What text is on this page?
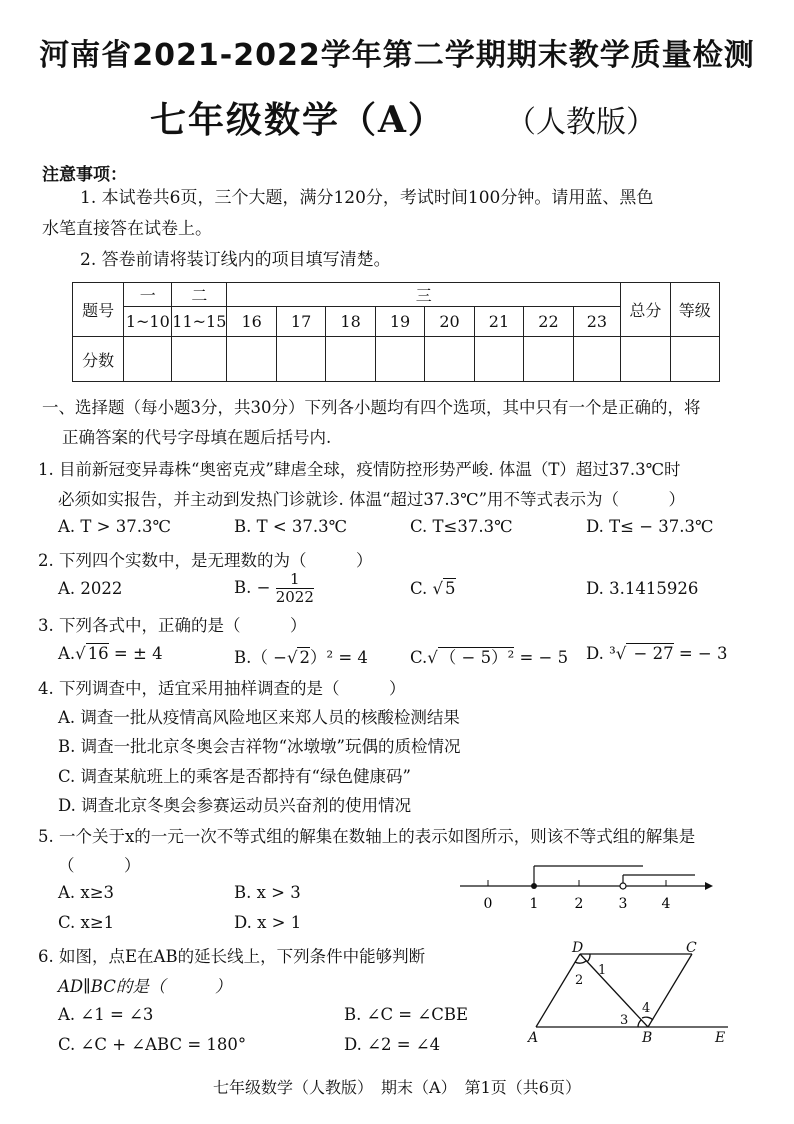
河南省2021-2022学年第二学期期末教学质量检测
七年级数学（A） （人教版）
注意事项：
1. 本试卷共6页，三个大题，满分120分，考试时间100分钟。请用蓝、黑色
水笔直接答在试卷上。
2. 答卷前请将装订线内的项目填写清楚。
题号	一	二	三								总分	等级
	1~10	11~15	16	17	18	19	20	21	22	23		
分数												
一、选择题（每小题3分，共30分）下列各小题均有四个选项，其中只有一个是正确的，将
正确答案的代号字母填在题后括号内.
1. 目前新冠变异毒株“奥密克戎”肆虐全球，疫情防控形势严峻. 体温（T）超过37.3℃时
必须如实报告，并主动到发热门诊就诊. 体温“超过37.3℃”用不等式表示为（　　　）
A. T > 37.3℃	B. T < 37.3℃	C. T≤37.3℃	D. T≤ − 37.3℃
2. 下列四个实数中，是无理数的为（　　　）
A. 2022	B. − $\frac{1}{2022}$	C. √ 5	D. 3.1415926
3. 下列各式中，正确的是（　　　）
A.√ 16 = ± 4	B.（ −√ 2）² = 4	C.√ （ − 5）² = − 5 D. ³√ − 27 = − 3
4. 下列调查中，适宜采用抽样调查的是（　　　）
A. 调查一批从疫情高风险地区来郑人员的核酸检测结果
B. 调查一批北京冬奥会吉祥物“冰墩墩”玩偶的质检情况
C. 调查某航班上的乘客是否都持有“绿色健康码”
D. 调查北京冬奥会参赛运动员兴奋剂的使用情况
5. 一个关于x的一元一次不等式组的解集在数轴上的表示如图所示，则该不等式组的解集是
（　　　）
A. x≥3	B. x > 3
C. x≥1	D. x > 1
0	1	2	3 4
6. 如图，点E在AB的延长线上，下列条件中能够判断
AD∥BC的是（　　　）
A. ∠1 = ∠3	B. ∠C = ∠CBE
C. ∠C + ∠ABC = 180°	D. ∠2 = ∠4
D	C
A	B	E
1
2
3
4
七年级数学（人教版）　期末（A）　第1页（共6页）
